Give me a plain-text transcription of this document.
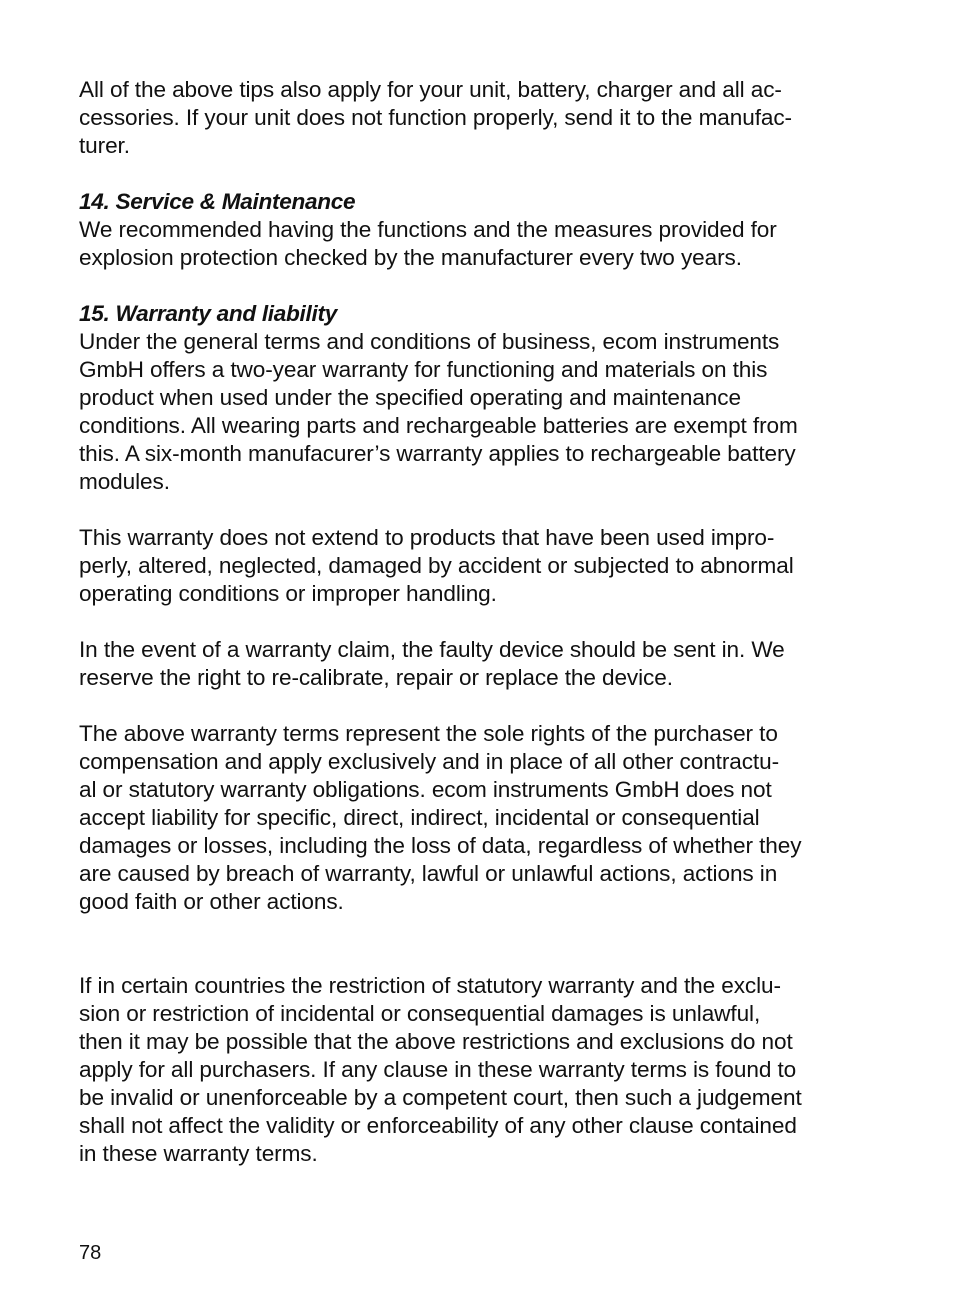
All of the above tips also apply for your unit, battery, charger and all ac-
cessories. If your unit does not function properly, send it to the manufac-
turer.

14. Service & Maintenance

We recommended having the functions and the measures provided for
explosion protection checked by the manufacturer every two years.

15. Warranty and liability

Under the general terms and conditions of business, ecom instruments
GmbH offers a two-year warranty for functioning and materials on this
product when used under the specified operating and maintenance
conditions. All wearing parts and rechargeable batteries are exempt from
this. A six-month manufacurer’s warranty applies to rechargeable battery
modules.

This warranty does not extend to products that have been used impro-
perly, altered, neglected, damaged by accident or subjected to abnormal
operating conditions or improper handling.

In the event of a warranty claim, the faulty device should be sent in. We
reserve the right to re-calibrate, repair or replace the device.

The above warranty terms represent the sole rights of the purchaser to
compensation and apply exclusively and in place of all other contractu-
al or statutory warranty obligations. ecom instruments GmbH does not
accept liability for specific, direct, indirect, incidental or consequential
damages or losses, including the loss of data, regardless of whether they
are caused by breach of warranty, lawful or unlawful actions, actions in
good faith or other actions.

If in certain countries the restriction of statutory warranty and the exclu-
sion or restriction of incidental or consequential damages is unlawful,
then it may be possible that the above restrictions and exclusions do not
apply for all purchasers. If any clause in these warranty terms is found to
be invalid or unenforceable by a competent court, then such a judgement
shall not affect the validity or enforceability of any other clause contained
in these warranty terms.

78
